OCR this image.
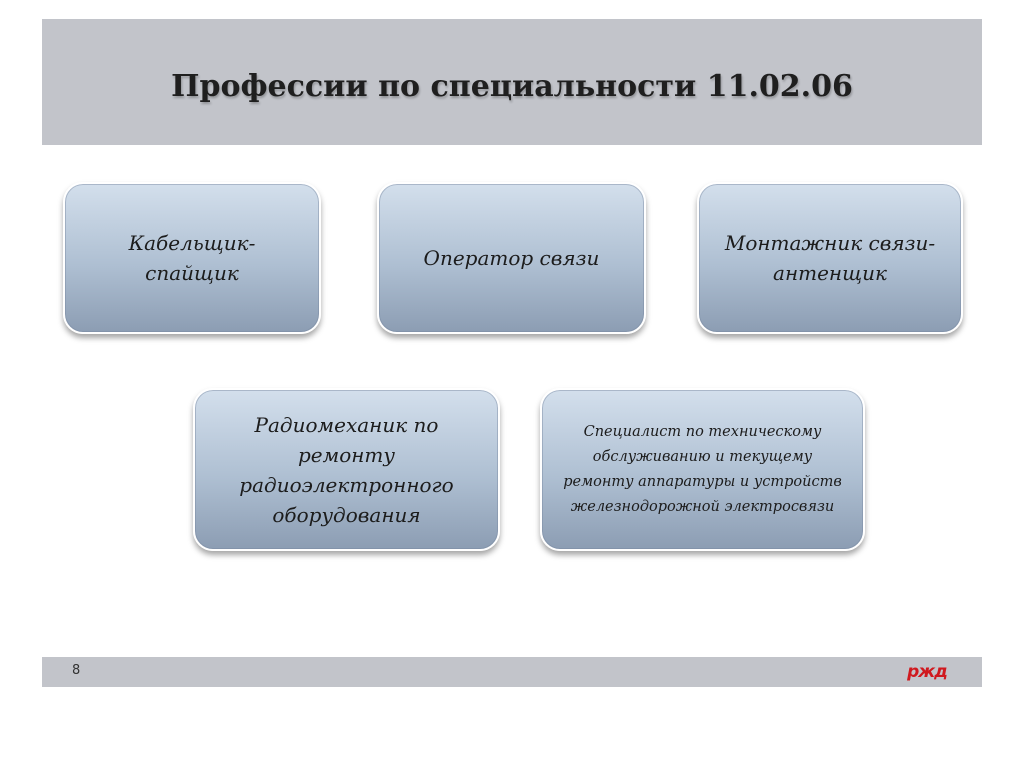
Профессии по специальности 11.02.06
Кабельщик-спайщик
Оператор связи
Монтажник связи-антенщик
Радиомеханик по ремонту радиоэлектронного оборудования
Специалист по техническому обслуживанию и текущему ремонту аппаратуры и устройств железнодорожной электросвязи
8	ржд
